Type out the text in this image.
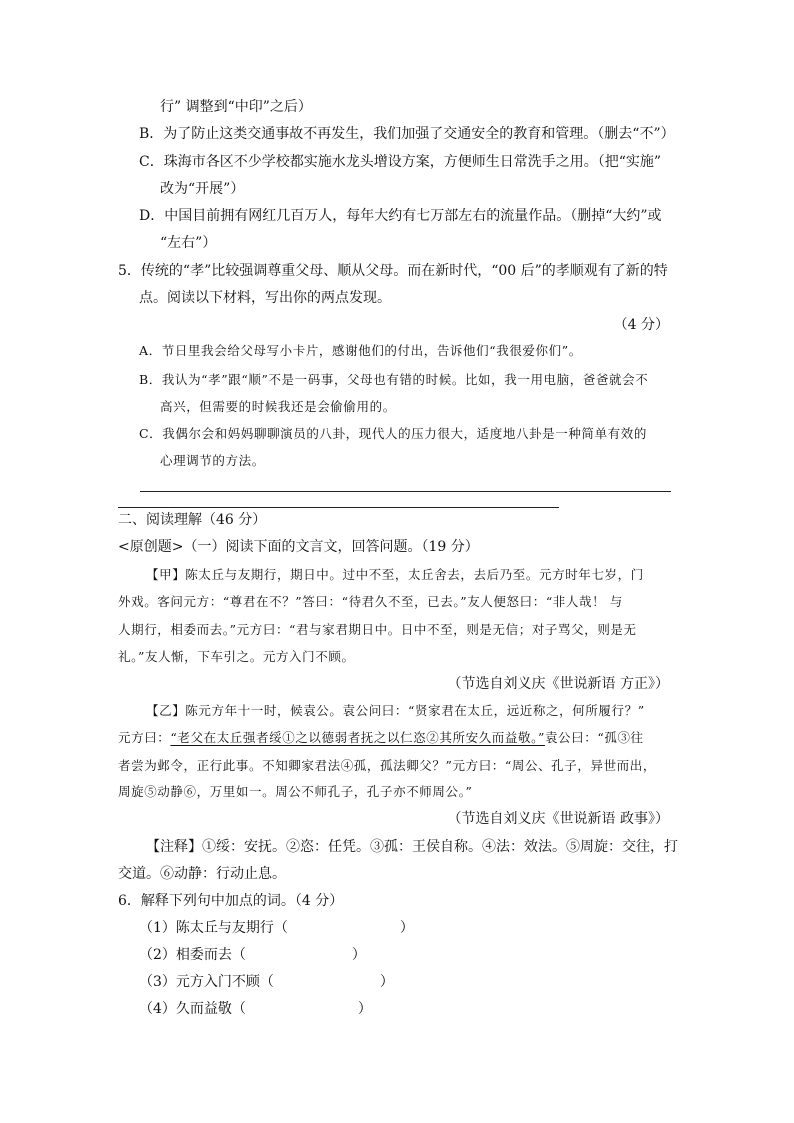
行” 调整到“中印”之后）
B．为了防止这类交通事故不再发生，我们加强了交通安全的教育和管理。（删去“不”）
C．珠海市各区不少学校都实施水龙头增设方案，方便师生日常洗手之用。（把“实施”
改为“开展”）
D．中国目前拥有网红几百万人，每年大约有七万部左右的流量作品。（删掉“大约”或
“左右”）
5．传统的“孝”比较强调尊重父母、顺从父母。而在新时代，“00 后”的孝顺观有了新的特
点。阅读以下材料，写出你的两点发现。
（4 分）
A．节日里我会给父母写小卡片，感谢他们的付出，告诉他们“我很爱你们”。
B．我认为“孝”跟“顺”不是一码事，父母也有错的时候。比如，我一用电脑，爸爸就会不
高兴，但需要的时候我还是会偷偷用的。
C．我偶尔会和妈妈聊聊演员的八卦，现代人的压力很大，适度地八卦是一种简单有效的
心理调节的方法。
二、阅读理解（46 分）
<原创题>（一）阅读下面的文言文，回答问题。（19 分）
【甲】陈太丘与友期行，期日中。过中不至，太丘舍去，去后乃至。元方时年七岁，门
外戏。客问元方：“尊君在不？”答曰：“待君久不至，已去。”友人便怒曰：“非人哉！ 与
人期行，相委而去。”元方曰：“君与家君期日中。日中不至，则是无信；对子骂父，则是无
礼。”友人惭，下车引之。元方入门不顾。
（节选自刘义庆《世说新语 方正》）
【乙】陈元方年十一时，候袁公。袁公问曰：“贤家君在太丘，远近称之，何所履行？”
元方曰：“老父在太丘强者绥①之以德弱者抚之以仁恣②其所安久而益敬。”袁公曰：“孤③往
者尝为邺令，正行此事。不知卿家君法④孤，孤法卿父？”元方曰：“周公、孔子，异世而出，
周旋⑤动静⑥，万里如一。周公不师孔子，孔子亦不师周公。”
（节选自刘义庆《世说新语 政事》）
【注释】①绥：安抚。②恣：任凭。③孤：王侯自称。④法：效法。⑤周旋：交往，打
交道。⑥动静：行动止息。
6．解释下列句中加点的词。（4 分）
（1）陈太丘与友期行（	）
（2）相委而去（	）
（3）元方入门不顾（	）
（4）久而益敬（	）
